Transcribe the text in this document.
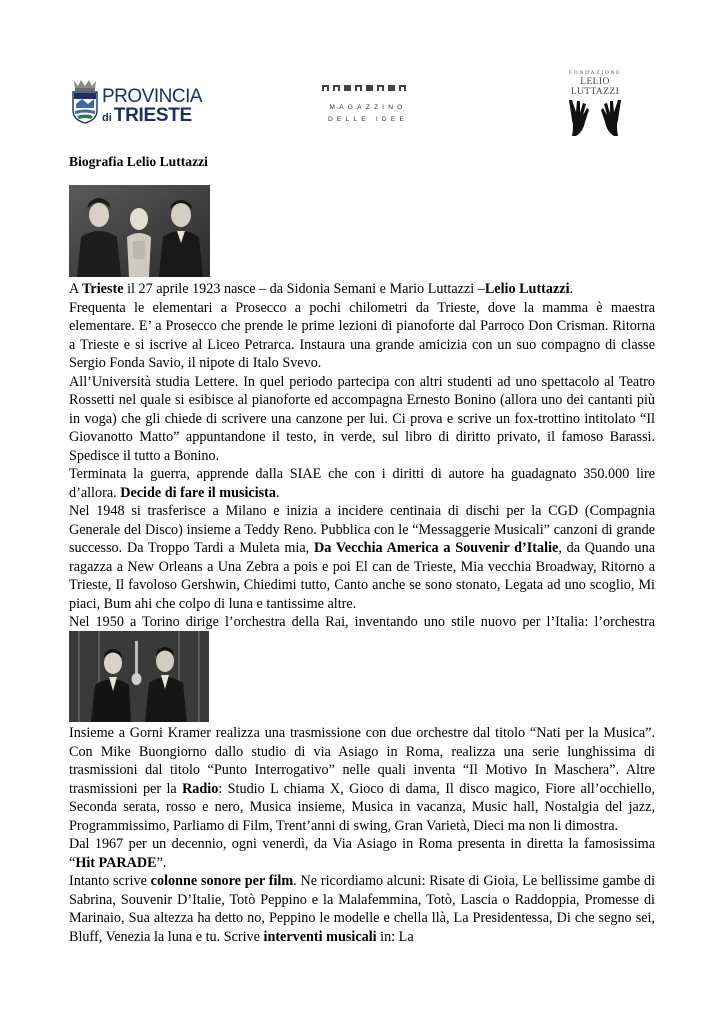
PROVINCIA
di TRIESTE	MAGAZZINO
DELLE IDEE
FONDAZIONE
LELIO LUTTAZZI
Biografia Lelio Luttazzi

A Trieste il 27 aprile 1923 nasce – da Sidonia Semani e Mario Luttazzi –Lelio Luttazzi.

Frequenta le elementari a Prosecco a pochi chilometri da Trieste, dove la mamma è maestra elementare. E’ a Prosecco che prende le prime lezioni di pianoforte dal Parroco Don Crisman. Ritorna a Trieste e si iscrive al Liceo Petrarca. Instaura una grande amicizia con un suo compagno di classe Sergio Fonda Savio, il nipote di Italo Svevo.

All’Università studia Lettere. In quel periodo partecipa con altri studenti ad uno spettacolo al Teatro Rossetti nel quale si esibisce al pianoforte ed accompagna Ernesto Bonino (allora uno dei cantanti più in voga) che gli chiede di scrivere una canzone per lui. Ci prova e scrive un fox-trottino intitolato “Il Giovanotto Matto” appuntandone il testo, in verde, sul libro di diritto privato, il famoso Barassi. Spedisce il tutto a Bonino.

Terminata la guerra, apprende dalla SIAE che con i diritti di autore ha guadagnato 350.000 lire d’allora. Decide di fare il musicista.

Nel 1948 si trasferisce a Milano e inizia a incidere centinaia di dischi per la CGD (Compagnia Generale del Disco) insieme a Teddy Reno. Pubblica con le “Messaggerie Musicali” canzoni di grande successo. Da Troppo Tardi a Muleta mia, Da Vecchia America a Souvenir d’Italie, da Quando una ragazza a New Orleans a Una Zebra a pois e poi El can de Trieste, Mia vecchia Broadway, Ritorno a Trieste, Il favoloso Gershwin, Chiedimi tutto, Canto anche se sono stonato, Legata ad uno scoglio, Mi piaci, Bum ahi che colpo di luna e tantissime altre.

Nel 1950 a Torino dirige l’orchestra della Rai, inventando uno stile nuovo per l’Italia: l’orchestra

Insieme a Gorni Kramer realizza una trasmissione con due orchestre dal titolo “Nati per la Musica”. Con Mike Buongiorno dallo studio di via Asiago in Roma, realizza una serie lunghissima di trasmissioni dal titolo “Punto Interrogativo” nelle quali inventa “Il Motivo In Maschera”. Altre trasmissioni per la Radio: Studio L chiama X, Gioco di dama, Il disco magico, Fiore all’occhiello, Seconda serata, rosso e nero, Musica insieme, Musica in vacanza, Music hall, Nostalgia del jazz, Programmissimo, Parliamo di Film, Trent’anni di swing, Gran Varietà, Dieci ma non li dimostra.

Dal 1967 per un decennio, ogni venerdì, da Via Asiago in Roma presenta in diretta la famosissima “Hit PARADE”.

Intanto scrive colonne sonore per film. Ne ricordiamo alcuni: Risate di Gioia, Le bellissime gambe di Sabrina, Souvenir D’Italie, Totò Peppino e la Malafemmina, Totò, Lascia o Raddoppia, Promesse di Marinaio, Sua altezza ha detto no, Peppino le modelle e chella llà, La Presidentessa, Di che segno sei, Bluff, Venezia la luna e tu. Scrive interventi musicali in: La
